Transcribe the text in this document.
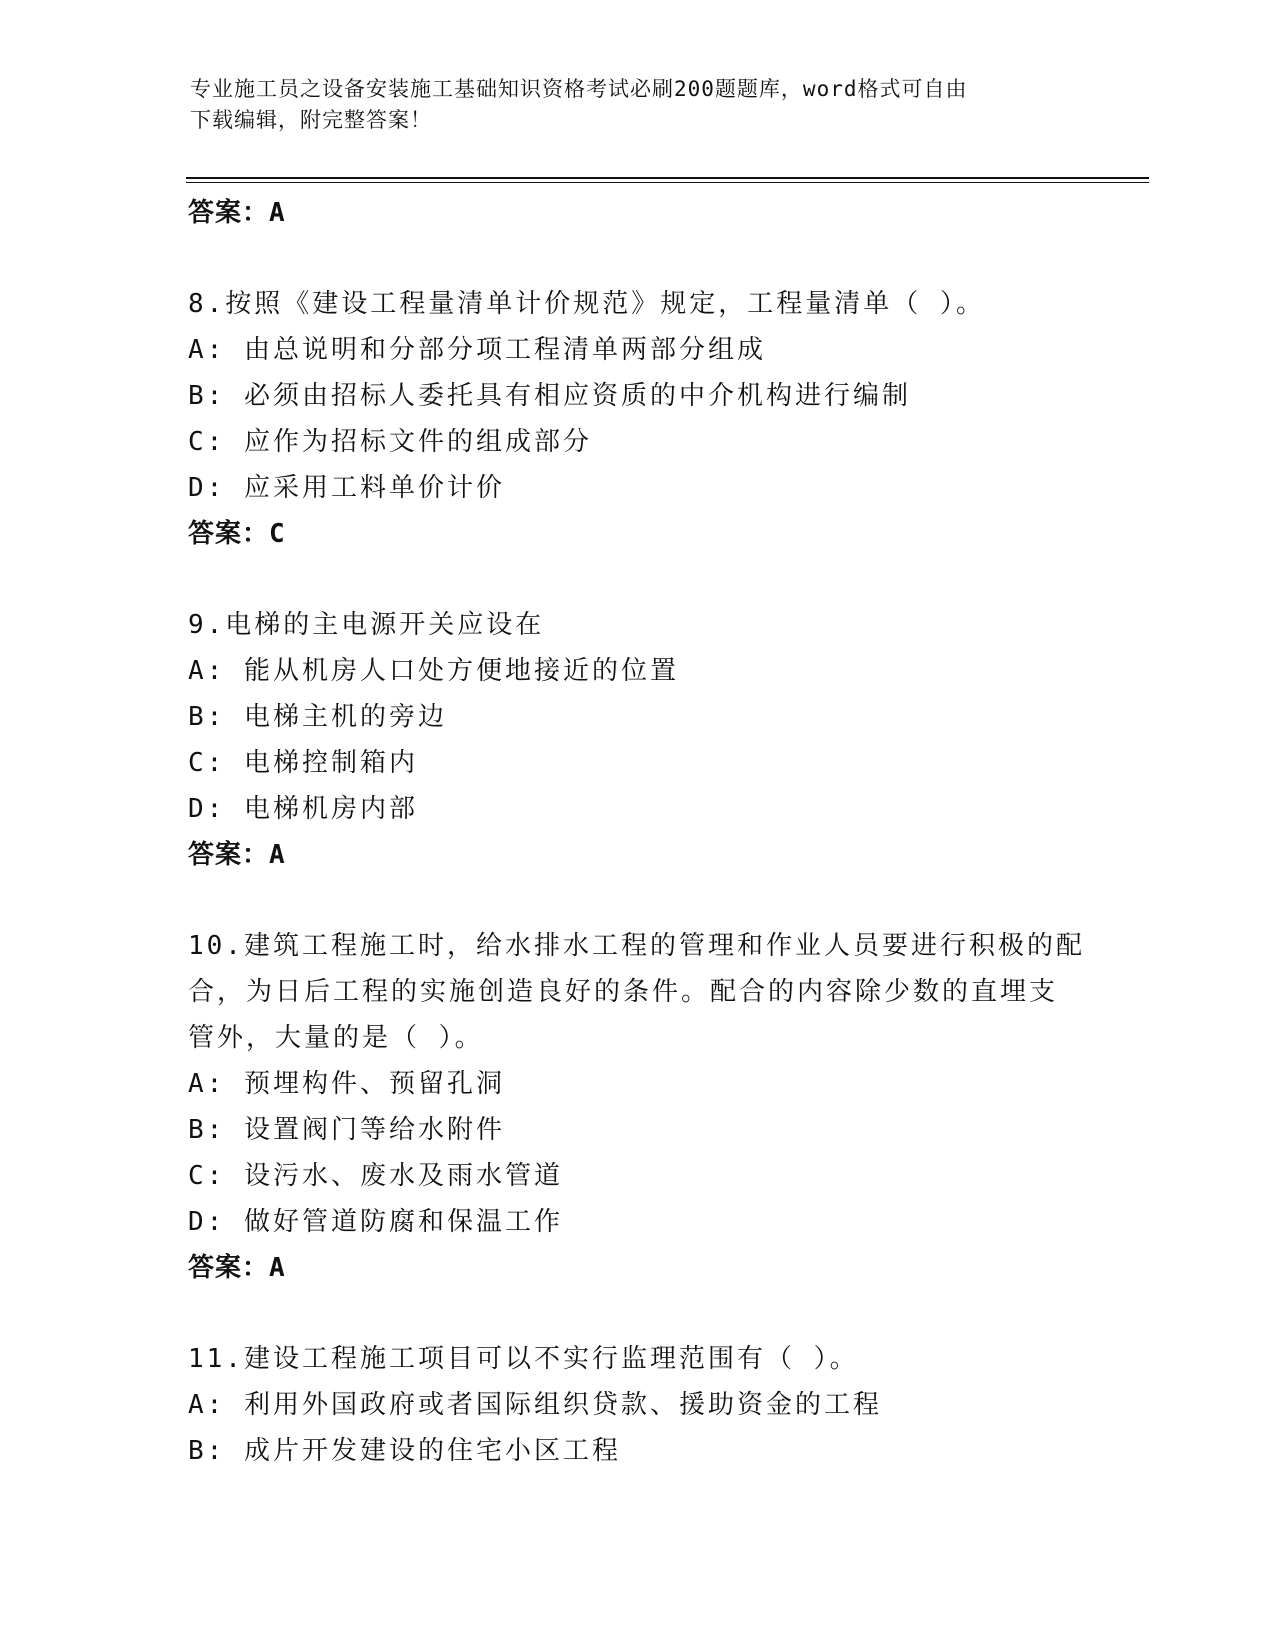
专业施工员之设备安装施工基础知识资格考试必刷200题题库，word格式可自由
下载编辑，附完整答案！

答案：A

8.按照《建设工程量清单计价规范》规定，工程量清单（ ）。

A: 由总说明和分部分项工程清单两部分组成

B: 必须由招标人委托具有相应资质的中介机构进行编制

C: 应作为招标文件的组成部分

D: 应采用工料单价计价

答案：C

9.电梯的主电源开关应设在

A: 能从机房人口处方便地接近的位置

B: 电梯主机的旁边

C: 电梯控制箱内

D: 电梯机房内部

答案：A

10.建筑工程施工时，给水排水工程的管理和作业人员要进行积极的配

合，为日后工程的实施创造良好的条件。配合的内容除少数的直埋支

管外，大量的是（ ）。

A: 预埋构件、预留孔洞

B: 设置阀门等给水附件

C: 设污水、废水及雨水管道

D: 做好管道防腐和保温工作

答案：A

11.建设工程施工项目可以不实行监理范围有（ ）。

A: 利用外国政府或者国际组织贷款、援助资金的工程

B: 成片开发建设的住宅小区工程
